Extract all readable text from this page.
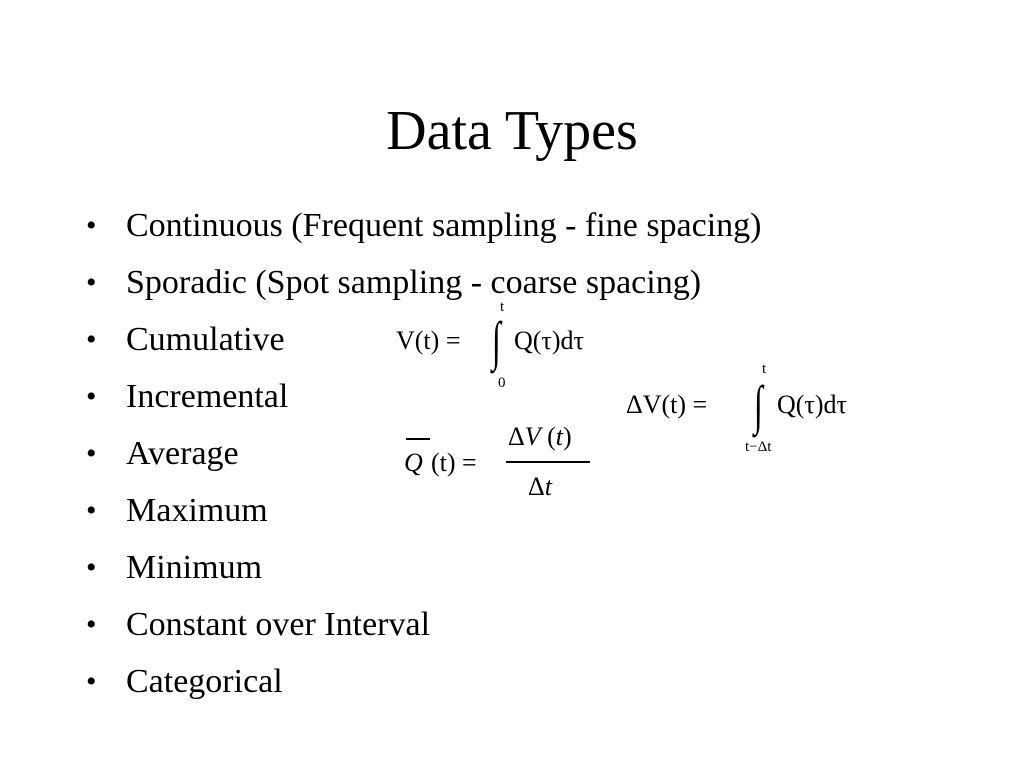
Data Types
• Continuous (Frequent sampling - fine spacing)
• Sporadic (Spot sampling - coarse spacing)
• Cumulative
• Incremental
• Average
• Maximum
• Minimum
• Constant over Interval
• Categorical
V(t) =
t
∫
0
Q(τ)dτ
ΔV(t) =
t
∫
t−Δt
Q(τ)dτ
Q (t) =
ΔV (t)
Δt
